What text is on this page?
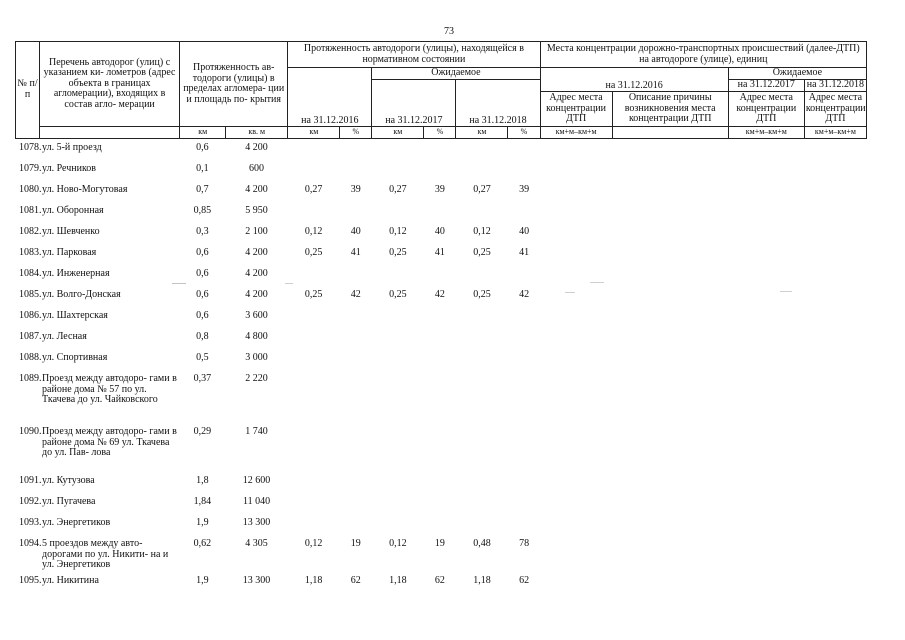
73
№ п/п	Перечень автодорог (улиц) с указанием ки- лометров (адрес объекта в границах агломерации), входящих в состав агло- мерации	Протяженность ав- тодороги (улицы) в пределах агломера- ции и площадь по- крытия		Протяженность автодороги (улицы), находящейся в нормативном состоянии						Места концентрации дорожно-транспортных происшествий (далее-ДТП) на автодороге (улице), единиц			
				на 31.12.2016		Ожидаемое				на 31.12.2016		Ожидаемое	
						на 31.12.2017		на 31.12.2018				на 31.12.2017	на 31.12.2018
										Адрес места концентрации ДТП	Описание причины возникновения места концентрации ДТП	Адрес места концентрации ДТП	Адрес места концентрации ДТП
		км	кв. м	км	%	км	%	км	%	км+м–км+м		км+м–км+м	км+м–км+м
1078.	ул. 5-й проезд	0,6	4 200										
1079.	ул. Речников	0,1	600										
1080.	ул. Ново-Могутовая	0,7	4 200	0,27	39	0,27	39	0,27	39				
1081.	ул. Оборонная	0,85	5 950										
1082.	ул. Шевченко	0,3	2 100	0,12	40	0,12	40	0,12	40				
1083.	ул. Парковая	0,6	4 200	0,25	41	0,25	41	0,25	41				
1084.	ул. Инженерная	0,6	4 200										
1085.	ул. Волго-Донская	0,6	4 200	0,25	42	0,25	42	0,25	42				
1086.	ул. Шахтерская	0,6	3 600										
1087.	ул. Лесная	0,8	4 800										
1088.	ул. Спортивная	0,5	3 000										
1089.	Проезд между автодоро- гами в районе дома № 57 по ул. Ткачева до ул. Чайковского	0,37	2 220										
1090.	Проезд между автодоро- гами в районе дома № 69 ул. Ткачева до ул. Пав- лова	0,29	1 740										
1091.	ул. Кутузова	1,8	12 600										
1092.	ул. Пугачева	1,84	11 040										
1093.	ул. Энергетиков	1,9	13 300										
1094.	5 проездов между авто- дорогами по ул. Никити- на и ул. Энергетиков	0,62	4 305	0,12	19	0,12	19	0,48	78				
1095.	ул. Никитина	1,9	13 300	1,18	62	1,18	62	1,18	62				
